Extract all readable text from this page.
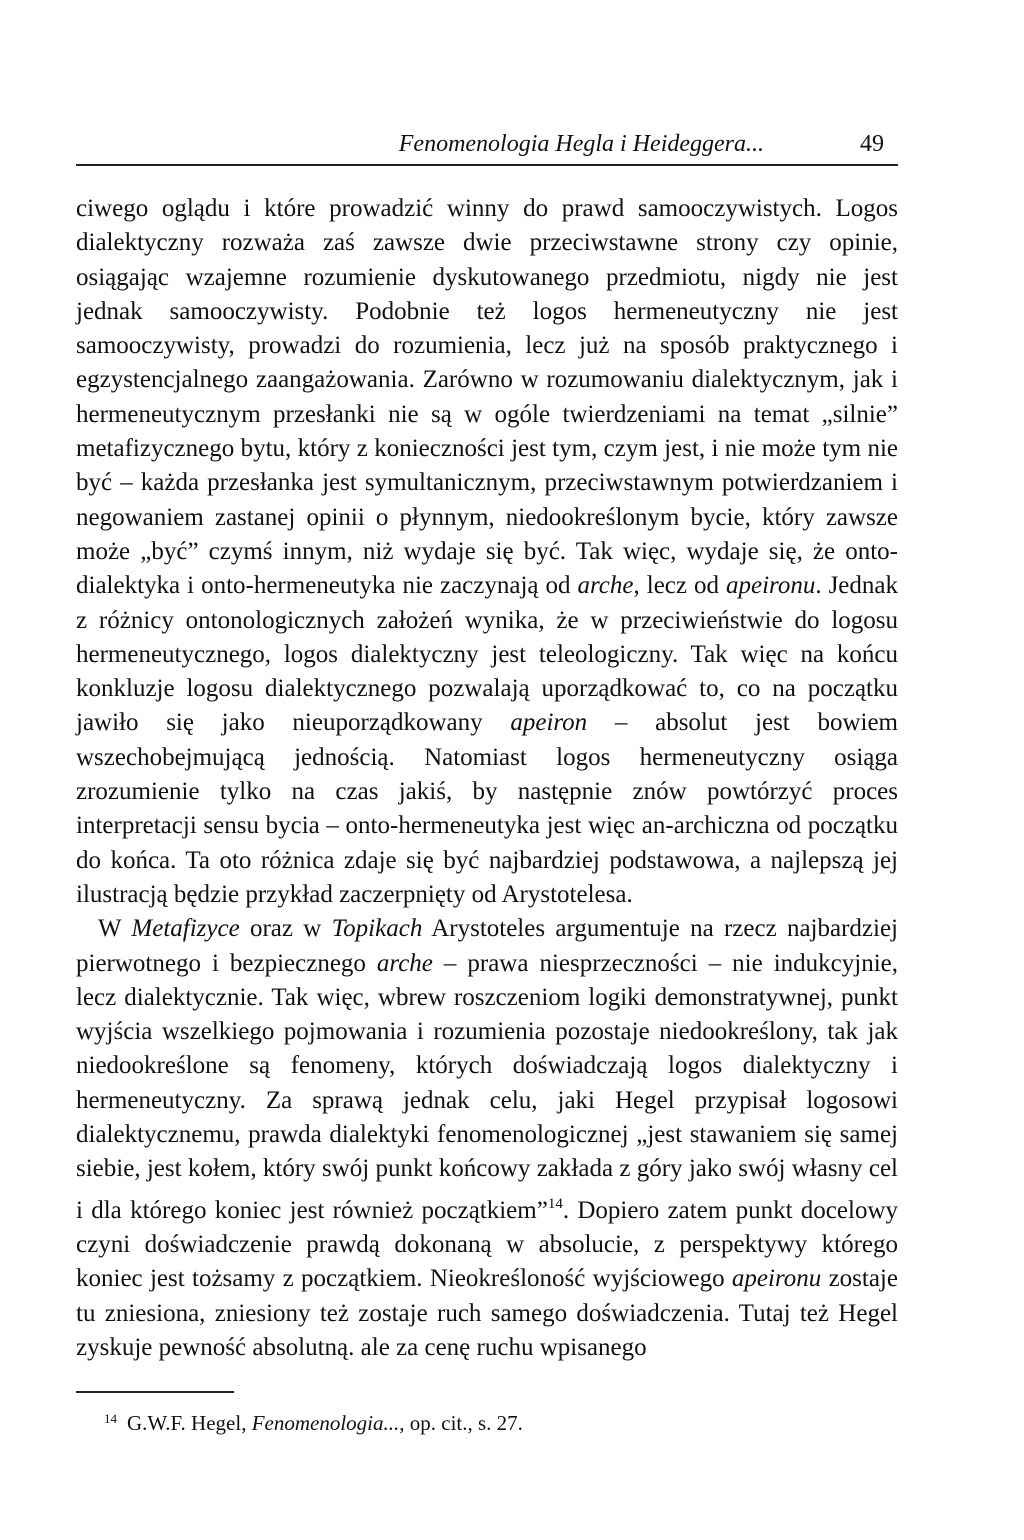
Fenomenologia Hegla i Heideggera...	49

ciwego oglądu i które prowadzić winny do prawd samooczywistych. Logos dialektyczny rozważa zaś zawsze dwie przeciwstawne strony czy opinie, osiągając wzajemne rozumienie dyskutowanego przedmiotu, nigdy nie jest jednak samooczywisty. Podobnie też logos hermeneutyczny nie jest samooczywisty, prowadzi do rozumienia, lecz już na sposób praktycznego i egzystencjalnego zaangażowania. Zarówno w rozumowaniu dialektycznym, jak i hermeneutycznym przesłanki nie są w ogóle twierdzeniami na temat „silnie” metafizycznego bytu, który z konieczności jest tym, czym jest, i nie może tym nie być – każda przesłanka jest symultanicznym, przeciwstawnym potwierdzaniem i negowaniem zastanej opinii o płynnym, niedookreślonym bycie, który zawsze może „być” czymś innym, niż wydaje się być. Tak więc, wydaje się, że onto-dialektyka i onto-hermeneutyka nie zaczynają od arche, lecz od apeironu. Jednak z różnicy ontonologicznych założeń wynika, że w przeciwieństwie do logosu hermeneutycznego, logos dialektyczny jest teleologiczny. Tak więc na końcu konkluzje logosu dialektycznego pozwalają uporządkować to, co na początku jawiło się jako nieuporządkowany apeiron – absolut jest bowiem wszechobejmującą jednością. Natomiast logos hermeneutyczny osiąga zrozumienie tylko na czas jakiś, by następnie znów powtórzyć proces interpretacji sensu bycia – onto-hermeneutyka jest więc an-archiczna od początku do końca. Ta oto różnica zdaje się być najbardziej podstawowa, a najlepszą jej ilustracją będzie przykład zaczerpnięty od Arystotelesa.

W Metafizyce oraz w Topikach Arystoteles argumentuje na rzecz najbardziej pierwotnego i bezpiecznego arche – prawa niesprzeczności – nie indukcyjnie, lecz dialektycznie. Tak więc, wbrew roszczeniom logiki demonstratywnej, punkt wyjścia wszelkiego pojmowania i rozumienia pozostaje niedookreślony, tak jak niedookreślone są fenomeny, których doświadczają logos dialektyczny i hermeneutyczny. Za sprawą jednak celu, jaki Hegel przypisał logosowi dialektycznemu, prawda dialektyki fenomenologicznej „jest stawaniem się samej siebie, jest kołem, który swój punkt końcowy zakłada z góry jako swój własny cel i dla którego koniec jest również początkiem”$^{14}$. Dopiero zatem punkt docelowy czyni doświadczenie prawdą dokonaną w absolucie, z perspektywy którego koniec jest tożsamy z początkiem. Nieokreśloność wyjściowego apeironu zostaje tu zniesiona, zniesiony też zostaje ruch samego doświadczenia. Tutaj też Hegel zyskuje pewność absolutną. ale za cenę ruchu wpisanego

$^{14}$ G.W.F. Hegel, Fenomenologia..., op. cit., s. 27.
